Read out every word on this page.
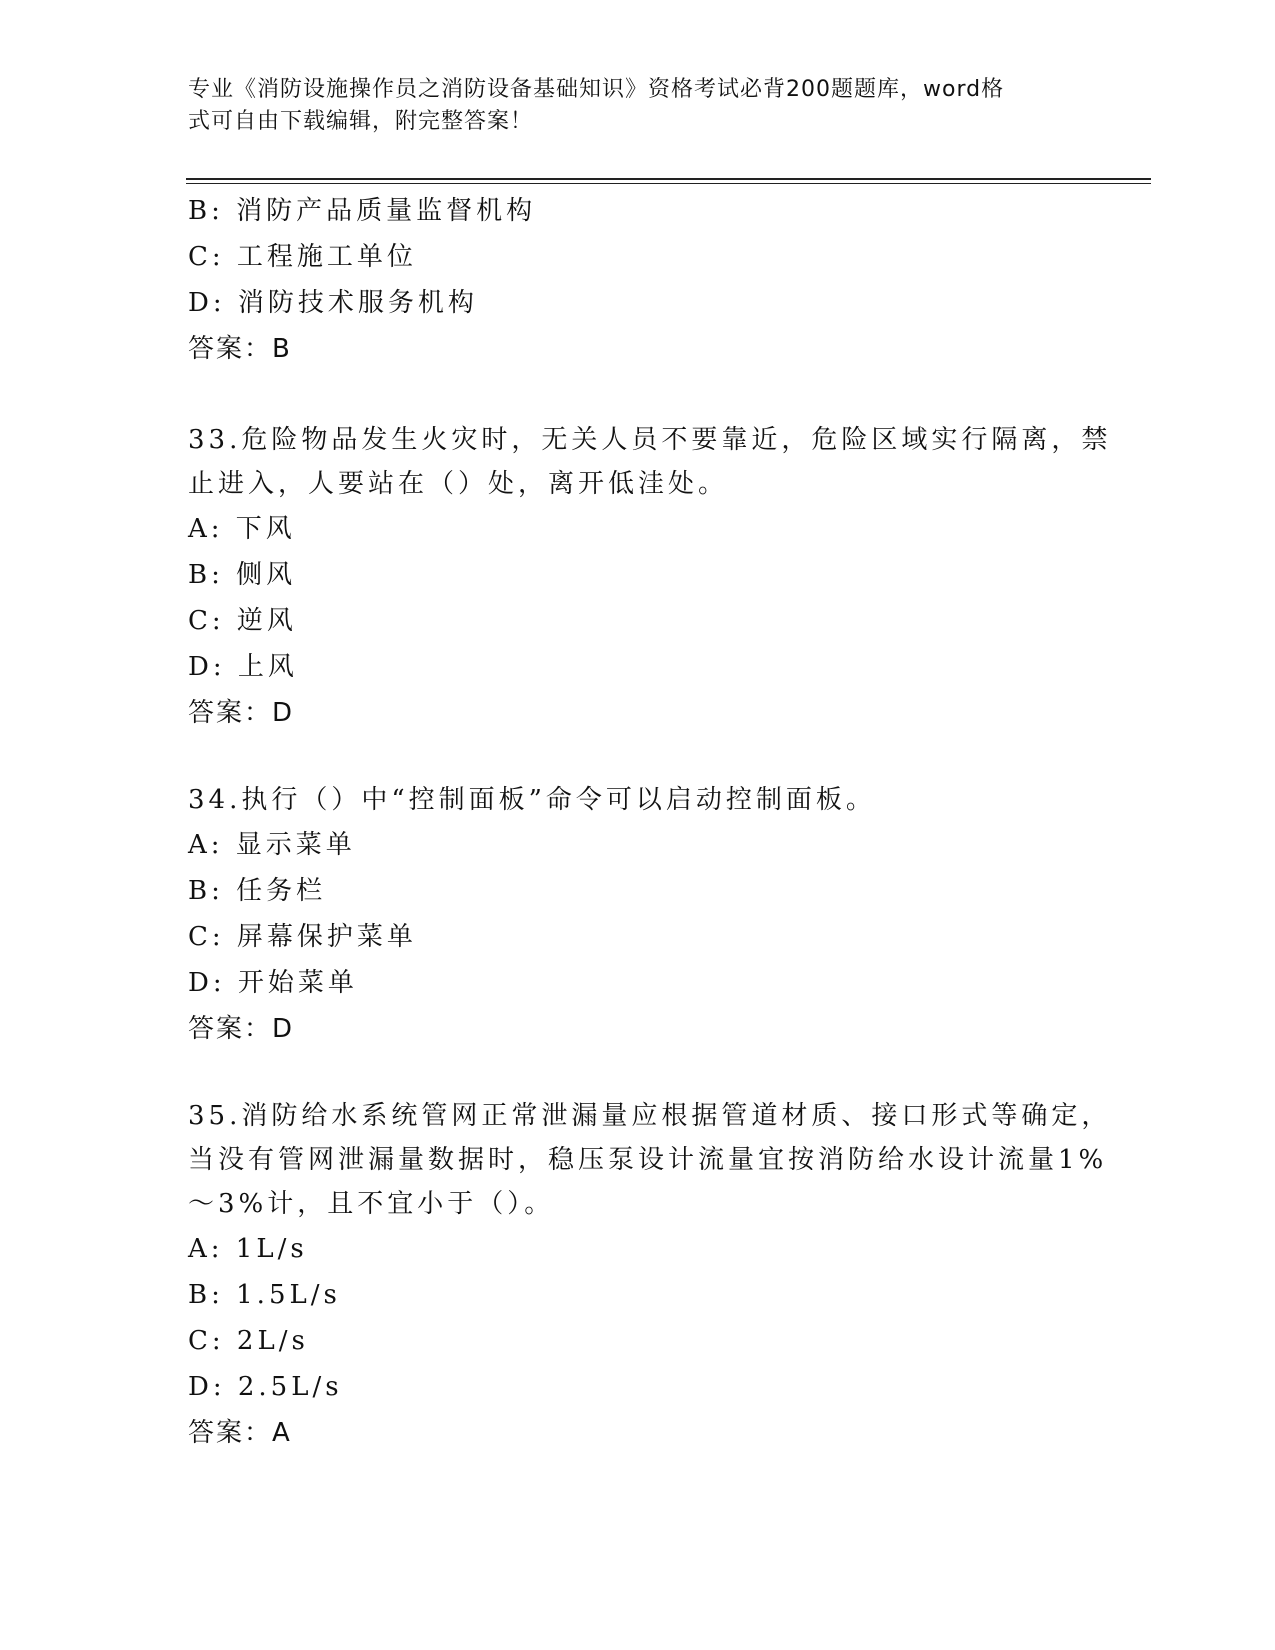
专业《消防设施操作员之消防设备基础知识》资格考试必背200题题库，word格
式可自由下载编辑，附完整答案！
B: 消防产品质量监督机构
C: 工程施工单位
D: 消防技术服务机构
答案：B
33.危险物品发生火灾时，无关人员不要靠近，危险区域实行隔离，禁
止进入，人要站在（）处，离开低洼处。
A: 下风
B: 侧风
C: 逆风
D: 上风
答案：D
34.执行（）中“控制面板”命令可以启动控制面板。
A: 显示菜单
B: 任务栏
C: 屏幕保护菜单
D: 开始菜单
答案：D
35.消防给水系统管网正常泄漏量应根据管道材质、接口形式等确定，
当没有管网泄漏量数据时，稳压泵设计流量宜按消防给水设计流量1%
～3%计，且不宜小于（）。
A: 1L/s
B: 1.5L/s
C: 2L/s
D: 2.5L/s
答案：A
